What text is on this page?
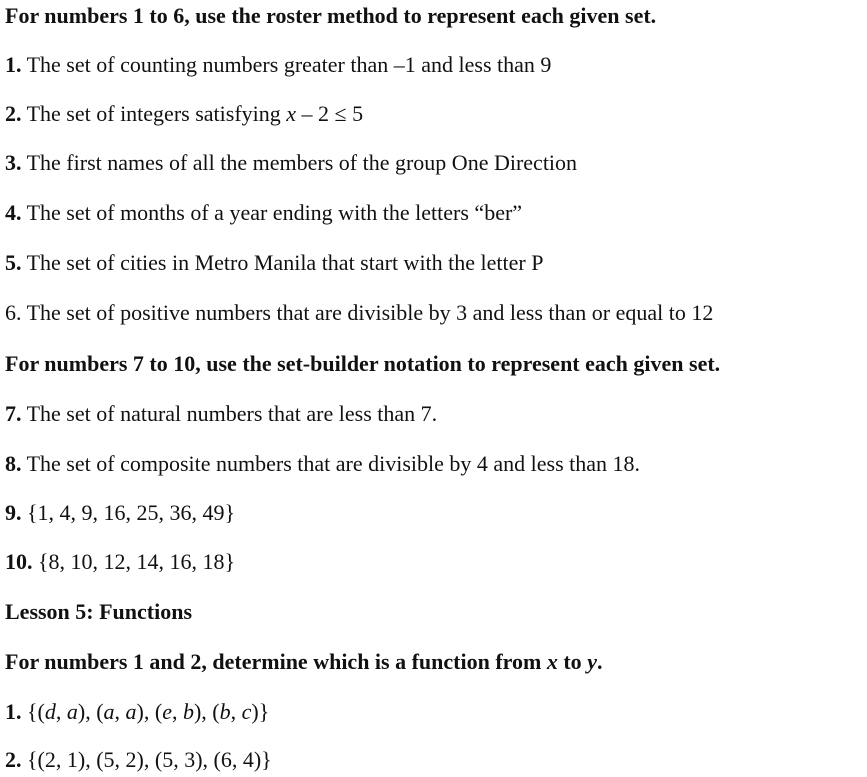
For numbers 1 to 6, use the roster method to represent each given set.
1. The set of counting numbers greater than –1 and less than 9
2. The set of integers satisfying x – 2 ≤ 5
3. The first names of all the members of the group One Direction
4. The set of months of a year ending with the letters “ber”
5. The set of cities in Metro Manila that start with the letter P
6. The set of positive numbers that are divisible by 3 and less than or equal to 12
For numbers 7 to 10, use the set-builder notation to represent each given set.
7. The set of natural numbers that are less than 7.
8. The set of composite numbers that are divisible by 4 and less than 18.
9. {1, 4, 9, 16, 25, 36, 49}
10. {8, 10, 12, 14, 16, 18}
Lesson 5: Functions
For numbers 1 and 2, determine which is a function from x to y.
1. {(d, a), (a, a), (e, b), (b, c)}
2. {(2, 1), (5, 2), (5, 3), (6, 4)}
